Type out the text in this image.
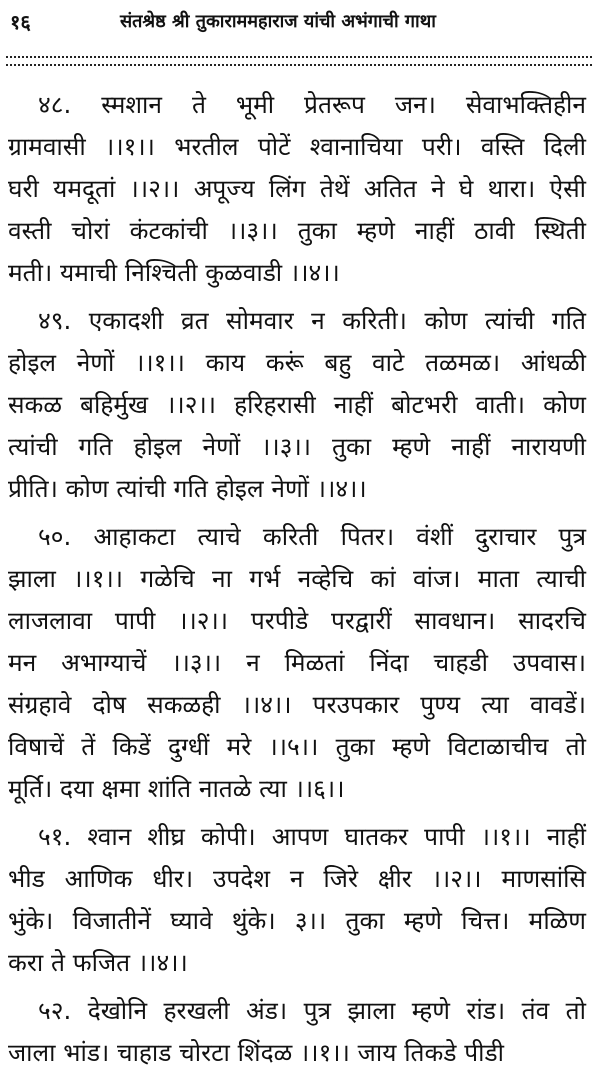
१६	संतश्रेष्ठ श्री तुकाराममहाराज यांची अभंगाची गाथा
४८. स्मशान ते भूमी प्रेतरूप जन। सेवाभक्तिहीन
ग्रामवासी ।।१।। भरतील पोटें श्वानाचिया परी। वस्ति दिली
घरी यमदूतां ।।२।। अपूज्य लिंग तेथें अतित ने घे थारा। ऐसी
वस्ती चोरां कंटकांची ।।३।। तुका म्हणे नाहीं ठावी स्थिती
मती। यमाची निश्चिती कुळवाडी ।।४।।
४९. एकादशी व्रत सोमवार न करिती। कोण त्यांची गति
होइल नेणों ।।१।। काय करूं बहु वाटे तळमळ। आंधळी
सकळ बहिर्मुख ।।२।। हरिहरासी नाहीं बोटभरी वाती। कोण
त्यांची गति होइल नेणों ।।३।। तुका म्हणे नाहीं नारायणी
प्रीति। कोण त्यांची गति होइल नेणों ।।४।।
५०. आहाकटा त्याचे करिती पितर। वंशीं दुराचार पुत्र
झाला ।।१।। गळेचि ना गर्भ नव्हेचि कां वांज। माता त्याची
लाजलावा पापी ।।२।। परपीडे परद्वारीं सावधान। सादरचि
मन अभाग्याचें ।।३।। न मिळतां निंदा चाहडी उपवास।
संग्रहावे दोष सकळही ।।४।। परउपकार पुण्य त्या वावडें।
विषाचें तें किडें दुग्धीं मरे ।।५।। तुका म्हणे विटाळाचीच तो
मूर्ति। दया क्षमा शांति नातळे त्या ।।६।।
५१. श्वान शीघ्र कोपी। आपण घातकर पापी ।।१।। नाहीं
भीड आणिक धीर। उपदेश न जिरे क्षीर ।।२।। माणसांसि
भुंके। विजातीनें घ्यावे थुंके। ३।। तुका म्हणे चित्त। मळिण
करा ते फजित ।।४।।
५२. देखोनि हरखली अंड। पुत्र झाला म्हणे रांड। तंव तो
जाला भांड। चाहाड चोरटा शिंदळ ।।१।। जाय तिकडे पीडी
